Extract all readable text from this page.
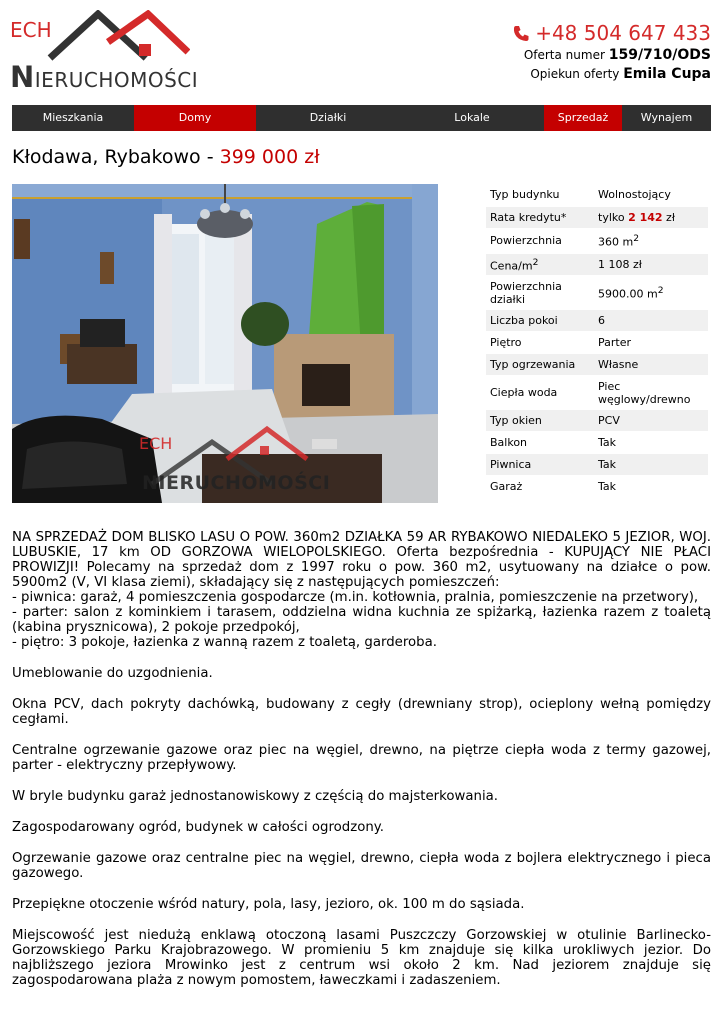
ECH
NIERUCHOMOŚCI
+48 504 647 433
Oferta numer 159/710/ODS
Opiekun oferty Emila Cupa
Mieszkania	Domy	Działki	Lokale	Sprzedaż	Wynajem
Kłodawa, Rybakowo - 399 000 zł
ECH
NIERUCHOMOŚCI
Typ budynku	Wolnostojący
Rata kredytu*	tylko 2 142 zł
Powierzchnia	360 $m^2$
Cena/$m^2$	1 108 zł
Powierzchnia działki	5900.00 $m^2$
Liczba pokoi	6
Piętro	Parter
Typ ogrzewania	Własne
Ciepła woda	Piec węglowy/drewno
Typ okien	PCV
Balkon	Tak
Piwnica	Tak
Garaż	Tak

NA SPRZEDAŻ DOM BLISKO LASU O POW. 360m2 DZIAŁKA 59 AR RYBAKOWO NIEDALEKO 5 JEZIOR, WOJ. LUBUSKIE, 17 km OD GORZOWA WIELOPOLSKIEGO. Oferta bezpośrednia - KUPUJĄCY NIE PŁACI PROWIZJI! Polecamy na sprzedaż dom z 1997 roku o pow. 360 m2, usytuowany na działce o pow. 5900m2 (V, VI klasa ziemi), składający się z następujących pomieszczeń:
- piwnica: garaż, 4 pomieszczenia gospodarcze (m.in. kotłownia, pralnia, pomieszczenie na przetwory),
- parter: salon z kominkiem i tarasem, oddzielna widna kuchnia ze spiżarką, łazienka razem z toaletą (kabina prysznicowa), 2 pokoje przedpokój,
- piętro: 3 pokoje, łazienka z wanną razem z toaletą, garderoba.

Umeblowanie do uzgodnienia.

Okna PCV, dach pokryty dachówką, budowany z cegły (drewniany strop), ocieplony wełną pomiędzy cegłami.

Centralne ogrzewanie gazowe oraz piec na węgiel, drewno, na piętrze ciepła woda z termy gazowej, parter - elektryczny przepływowy.

W bryle budynku garaż jednostanowiskowy z częścią do majsterkowania.

Zagospodarowany ogród, budynek w całości ogrodzony.

Ogrzewanie gazowe oraz centralne piec na węgiel, drewno, ciepła woda z bojlera elektrycznego i pieca gazowego.

Przepiękne otoczenie wśród natury, pola, lasy, jezioro, ok. 100 m do sąsiada.

Miejscowość jest niedużą enklawą otoczoną lasami Puszczczy Gorzowskiej w otulinie Barlinecko-Gorzowskiego Parku Krajobrazowego. W promieniu 5 km znajduje się kilka urokliwych jezior. Do najbliższego jeziora Mrowinko jest z centrum wsi około 2 km. Nad jeziorem znajduje się zagospodarowana plaża z nowym pomostem, ławeczkami i zadaszeniem.
